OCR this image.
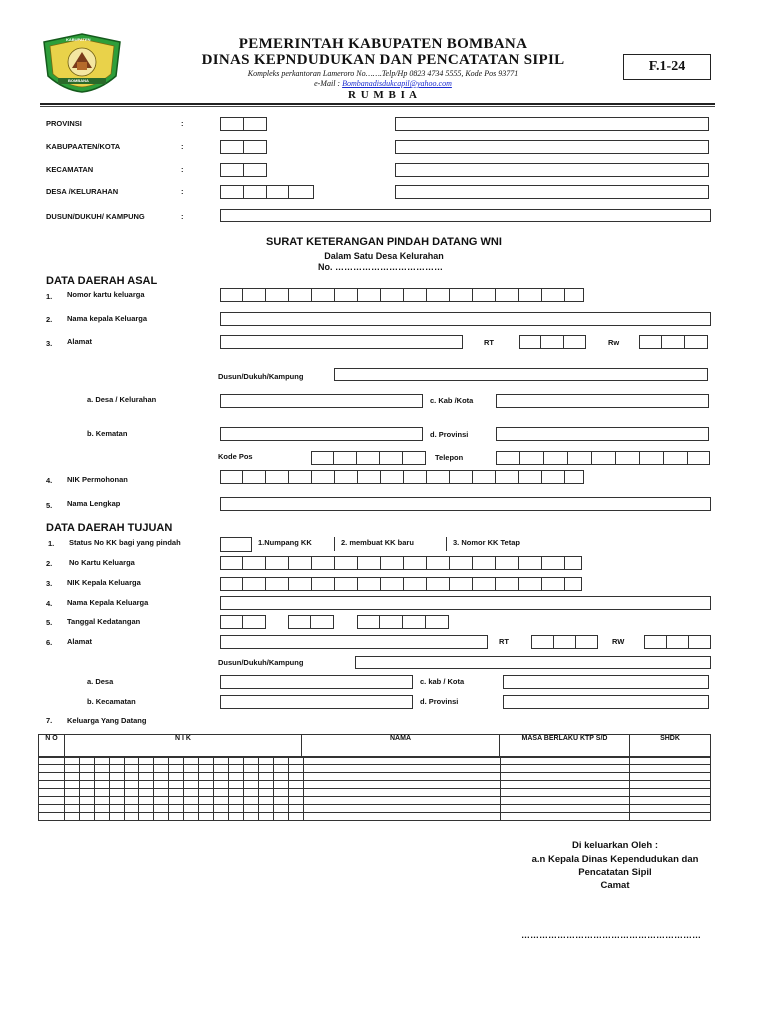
KABUPATEN
BOMBANA
PEMERINTAH KABUPATEN BOMBANA
DINAS KEPNDUDUKAN DAN PENCATATAN SIPIL
Kompleks perkantoran Lameroro No…….Telp/Hp 0823 4734 5555, Kode Pos 93771
e-Mail : Bombanadisdukcapil@yahoo.com
R U M B I A
F.1-24
PROVINSI	:
KABUPAATEN/KOTA	:
KECAMATAN	:
DESA /KELURAHAN	:
DUSUN/DUKUH/ KAMPUNG	:
SURAT KETERANGAN PINDAH DATANG WNI
Dalam Satu Desa Kelurahan
No. ………………………………
DATA DAERAH ASAL
1. Nomor kartu keluarga
2. Nama kepala Keluarga
3. Alamat	RT	Rw
Dusun/Dukuh/Kampung
a. Desa / Kelurahan	c. Kab /Kota
b. Kematan	d. Provinsi
Kode Pos	Telepon
4. NIK Permohonan
5. Nama Lengkap
DATA DAERAH TUJUAN
1. Status No KK bagi yang pindah	1.Numpang KK	2. membuat KK baru	3. Nomor KK Tetap
2. No Kartu Keluarga
3. NIK Kepala Keluarga
4. Nama Kepala Keluarga
5. Tanggal Kedatangan
6. Alamat	RT	RW
Dusun/Dukuh/Kampung
a. Desa	c. kab / Kota
b. Kecamatan	d. Provinsi
7. Keluarga Yang Datang
N O	N I K	NAMA	MASA BERLAKU KTP S/D	SHDK

Di keluarkan Oleh :
a.n Kepala Dinas Kependudukan dan
Pencatatan Sipil
Camat
……………………………………………………
